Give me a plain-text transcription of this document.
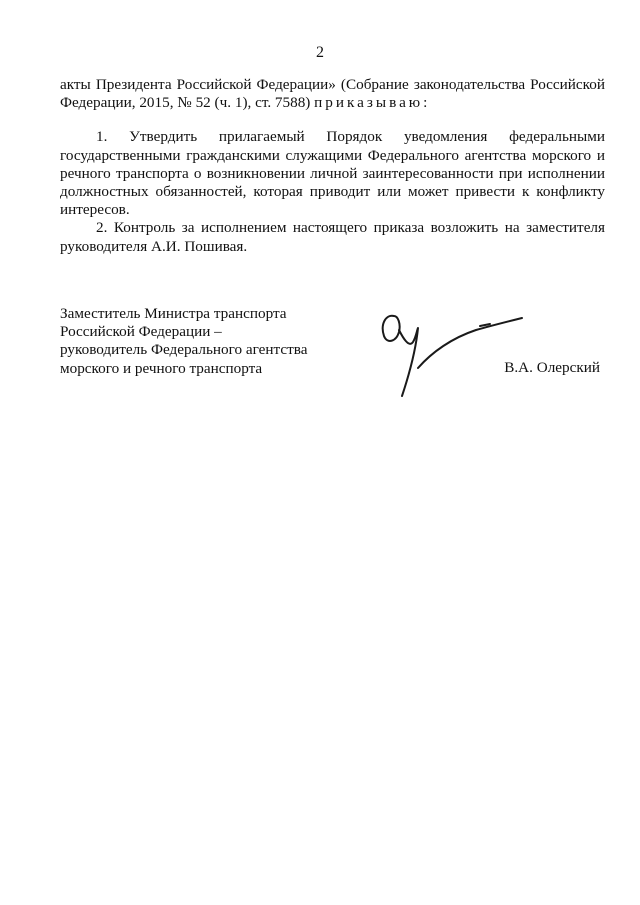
2

акты Президента Российской Федерации» (Собрание законодательства Российской Федерации, 2015, № 52 (ч. 1), ст. 7588) приказываю:

1. Утвердить прилагаемый Порядок уведомления федеральными государственными гражданскими служащими Федерального агентства морского и речного транспорта о возникновении личной заинтересованности при исполнении должностных обязанностей, которая приводит или может привести к конфликту интересов.

2. Контроль за исполнением настоящего приказа возложить на заместителя руководителя А.И. Пошивая.

Заместитель Министра транспорта
Российской Федерации –
руководитель Федерального агентства
морского и речного транспорта	В.А. Олерский
